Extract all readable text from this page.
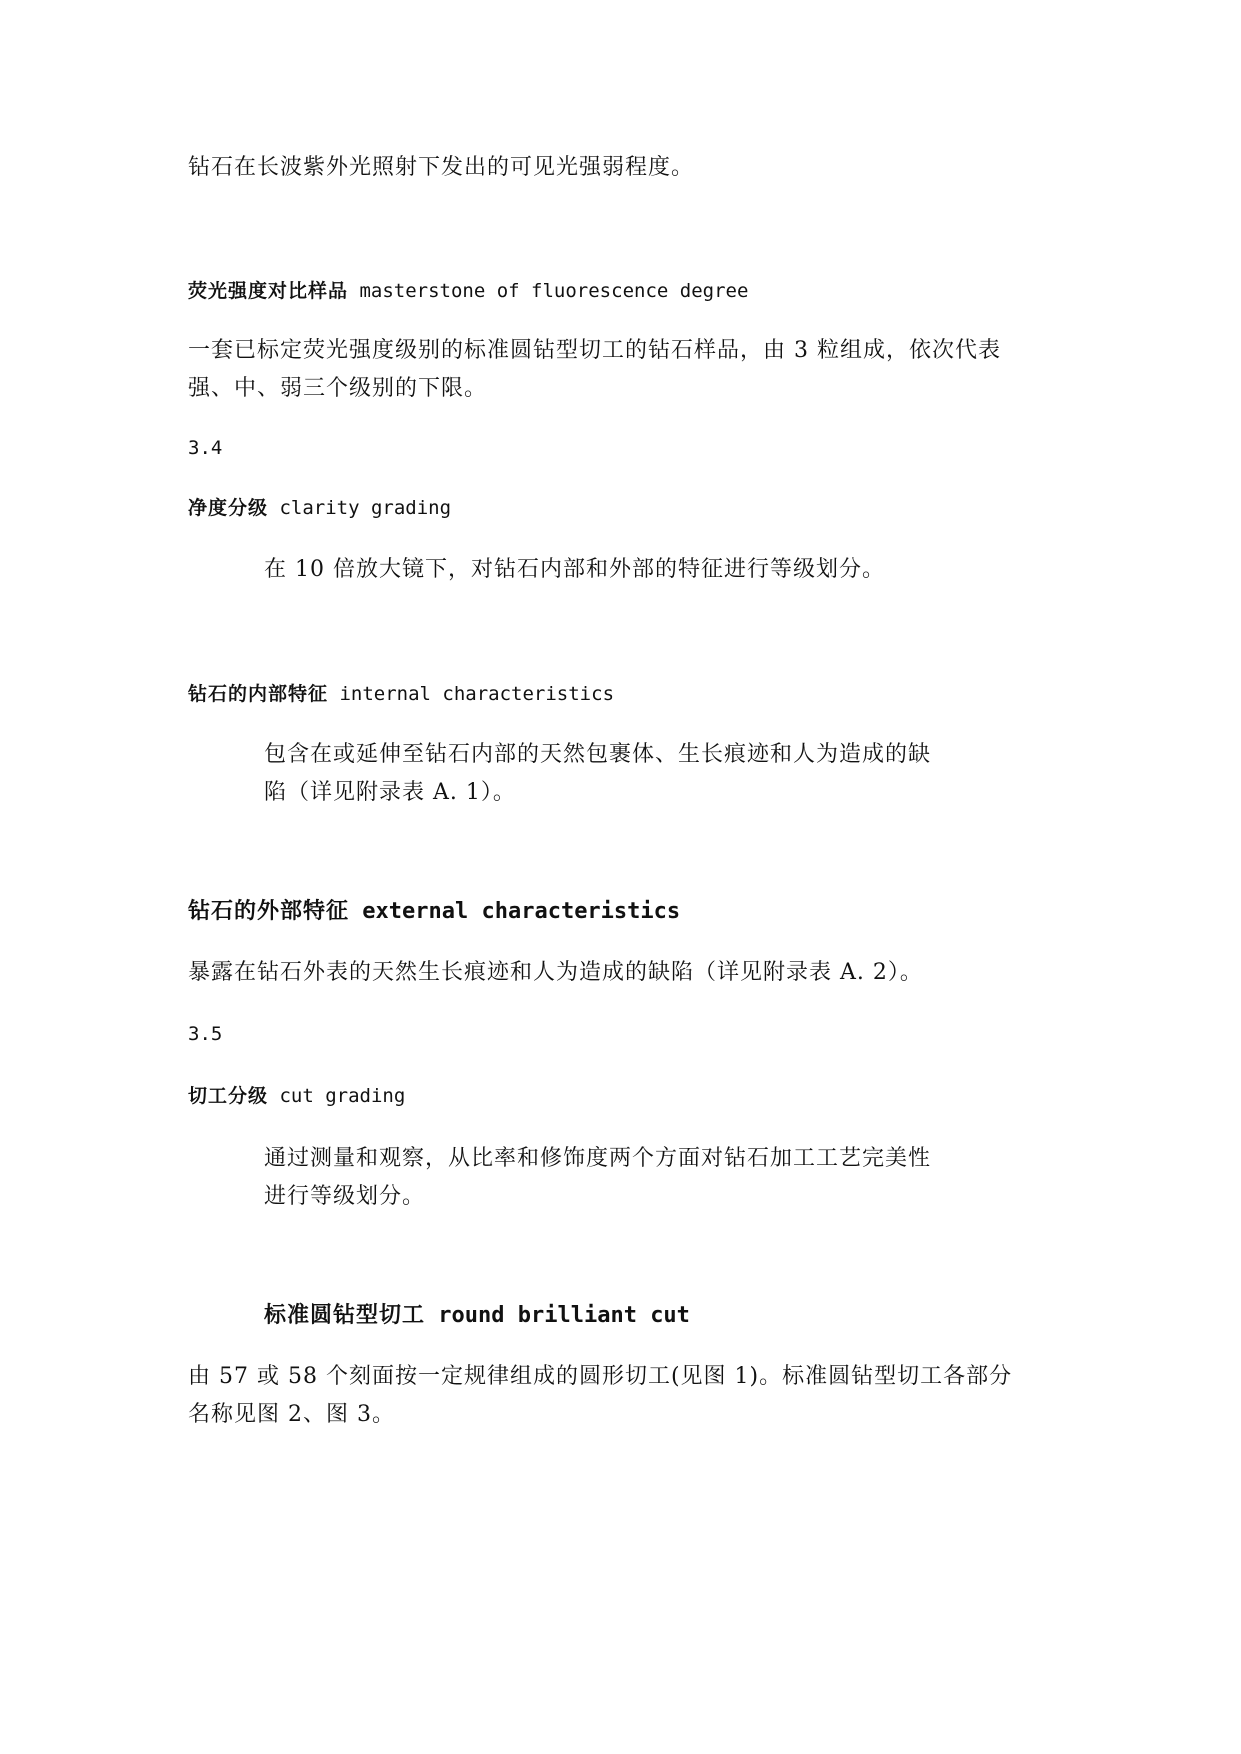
钻石在长波紫外光照射下发出的可见光强弱程度。
荧光强度对比样品 masterstone of fluorescence degree
一套已标定荧光强度级别的标准圆钻型切工的钻石样品，由 3 粒组成，依次代表
强、中、弱三个级别的下限。
3.4
净度分级 clarity grading
在 10 倍放大镜下，对钻石内部和外部的特征进行等级划分。
钻石的内部特征 internal characteristics
包含在或延伸至钻石内部的天然包裹体、生长痕迹和人为造成的缺
陷（详见附录表 A. 1）。
钻石的外部特征 external characteristics
暴露在钻石外表的天然生长痕迹和人为造成的缺陷（详见附录表 A. 2）。
3.5
切工分级 cut grading
通过测量和观察，从比率和修饰度两个方面对钻石加工工艺完美性
进行等级划分。
标准圆钻型切工 round brilliant cut
由 57 或 58 个刻面按一定规律组成的圆形切工(见图 1)。标准圆钻型切工各部分
名称见图 2、图 3。
